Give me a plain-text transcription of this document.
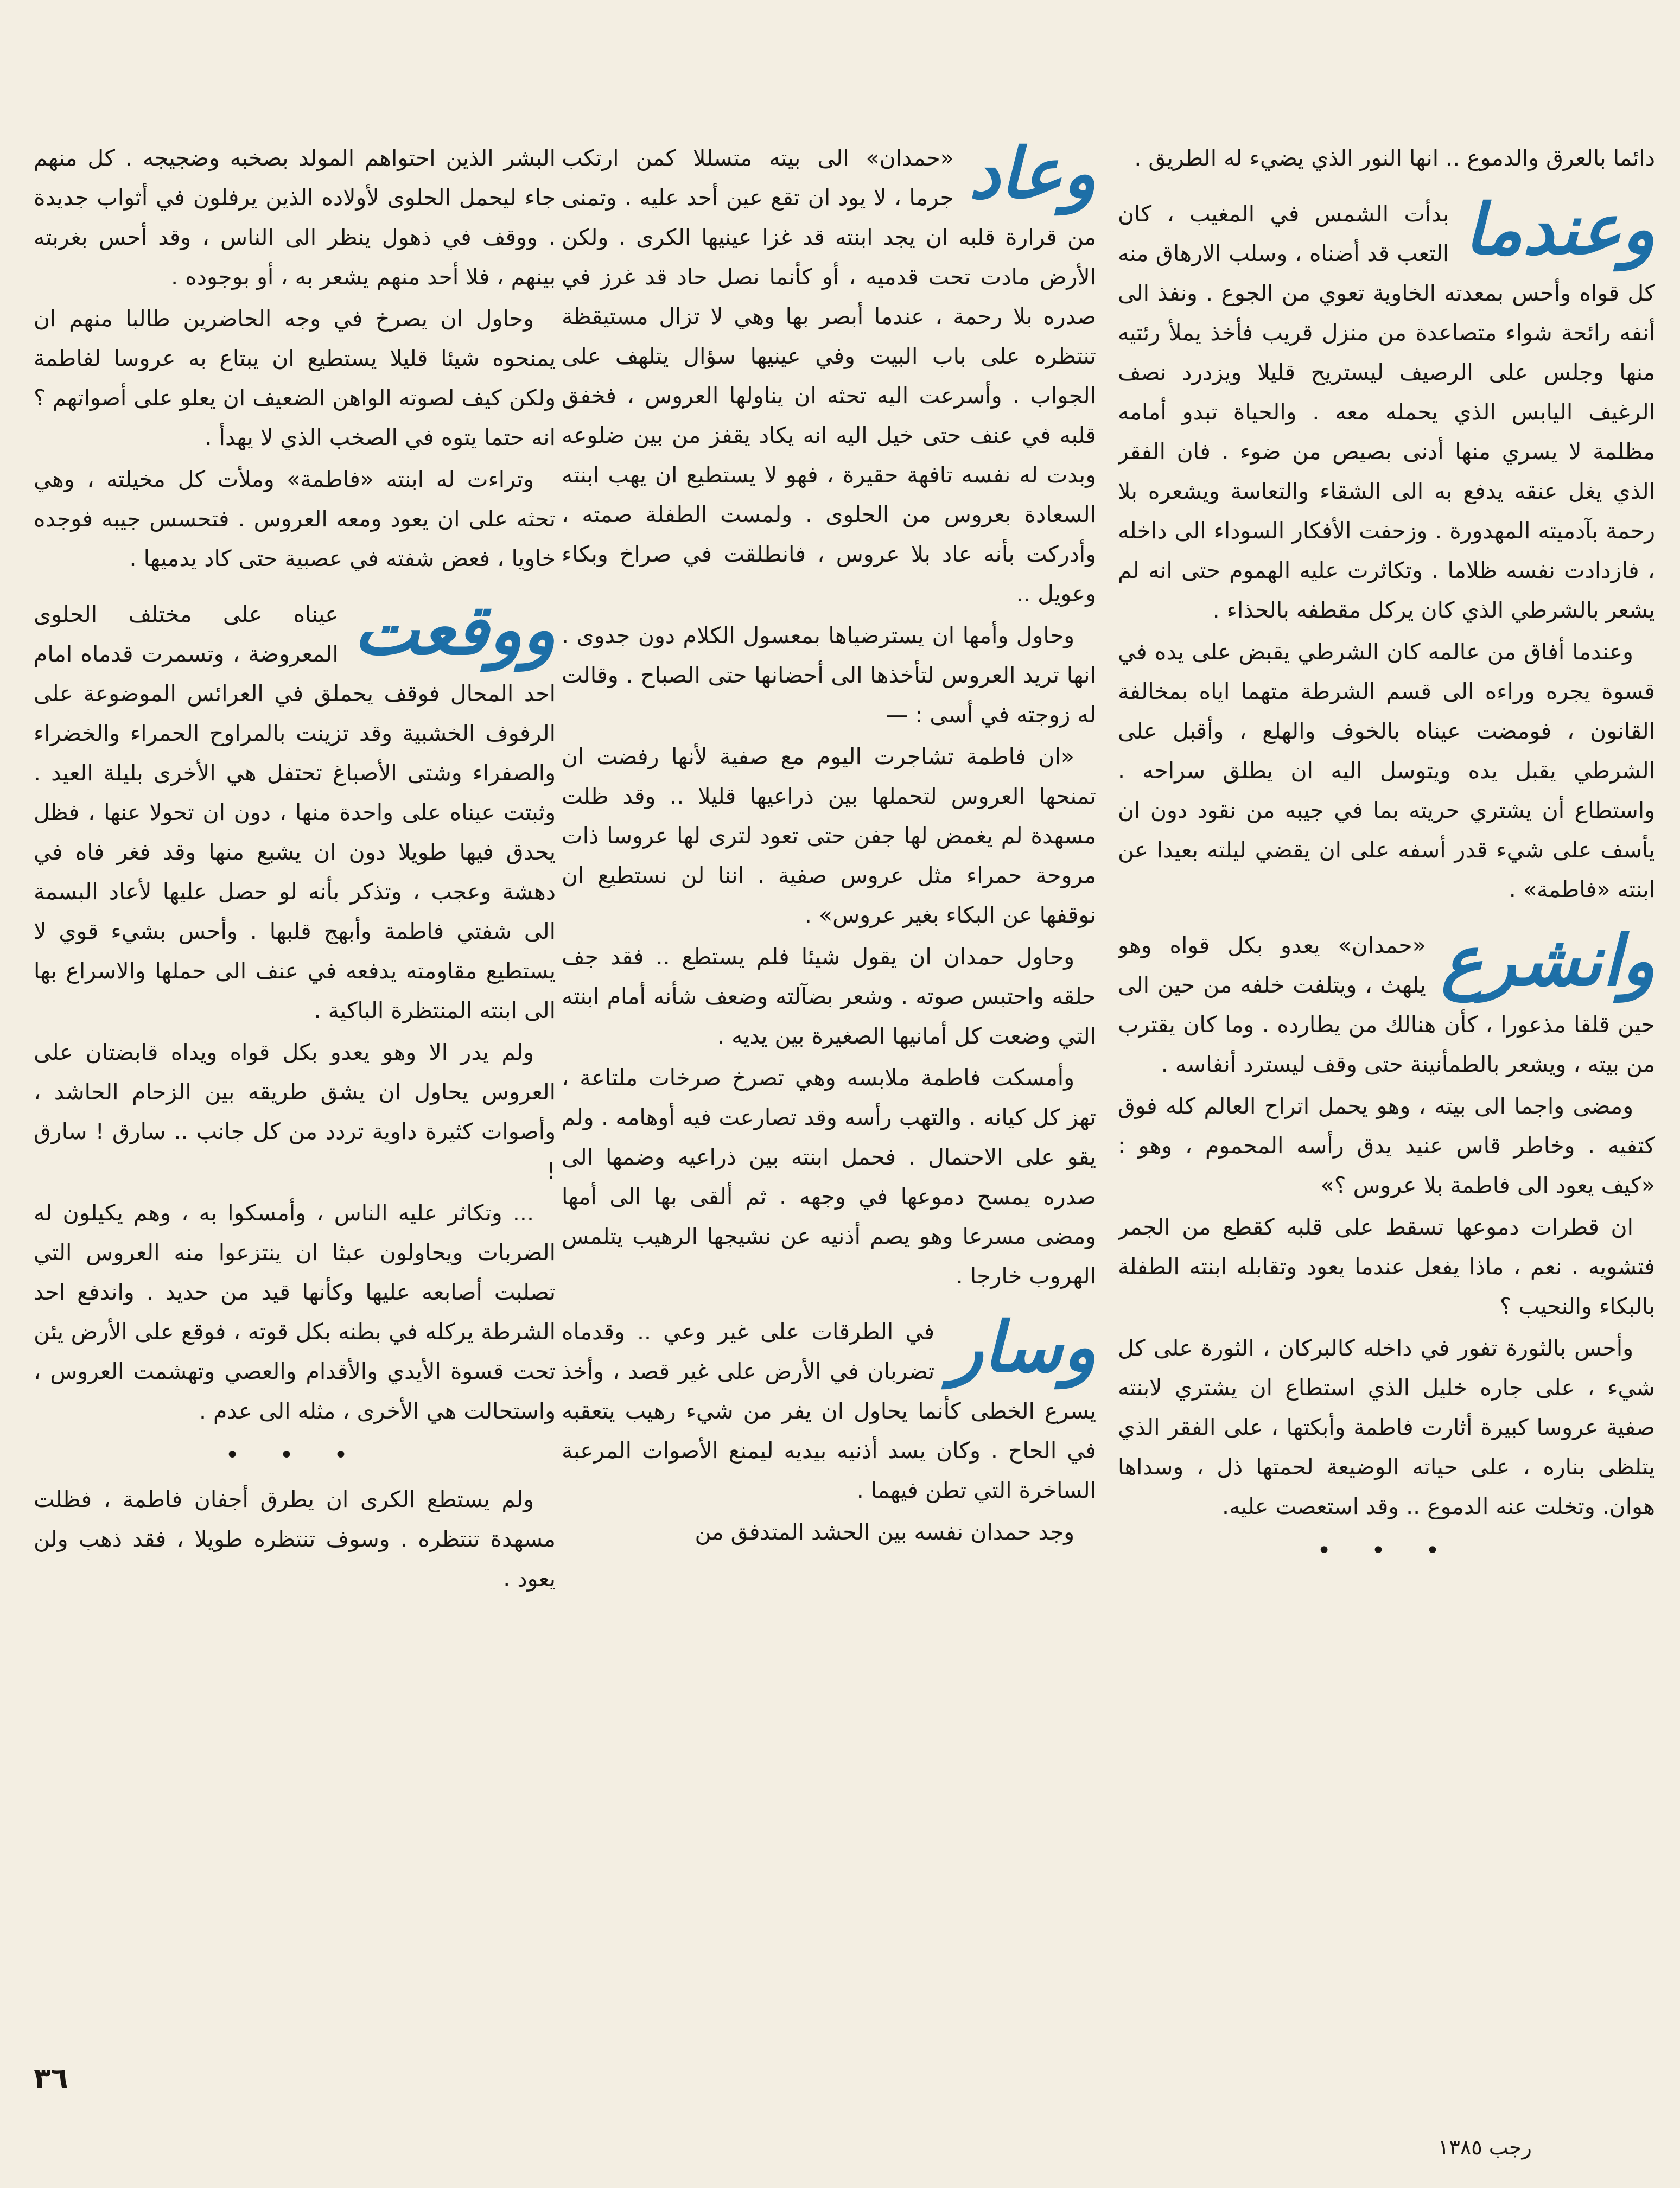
دائما بالعرق والدموع .. انها النور الذي يضيء له الطريق .

وعندما

بدأت الشمس في المغيب ، كان التعب قد أضناه ، وسلب الارهاق منه كل قواه وأحس بمعدته الخاوية تعوي من الجوع . ونفذ الى أنفه رائحة شواء متصاعدة من منزل قريب فأخذ يملأ رئتيه منها وجلس على الرصيف ليستريح قليلا ويزدرد نصف الرغيف اليابس الذي يحمله معه . والحياة تبدو أمامه مظلمة لا يسري منها أدنى بصيص من ضوء . فان الفقر الذي يغل عنقه يدفع به الى الشقاء والتعاسة ويشعره بلا رحمة بآدميته المهدورة . وزحفت الأفكار السوداء الى داخله ، فازدادت نفسه ظلاما . وتكاثرت عليه الهموم حتى انه لم يشعر بالشرطي الذي كان يركل مقطفه بالحذاء .

وعندما أفاق من عالمه كان الشرطي يقبض على يده في قسوة يجره وراءه الى قسم الشرطة متهما اياه بمخالفة القانون ، فومضت عيناه بالخوف والهلع ، وأقبل على الشرطي يقبل يده ويتوسل اليه ان يطلق سراحه . واستطاع أن يشتري حريته بما في جيبه من نقود دون ان يأسف على شيء قدر أسفه على ان يقضي ليلته بعيدا عن ابنته «فاطمة» .

وانشرع

«حمدان» يعدو بكل قواه وهو يلهث ، ويتلفت خلفه من حين الى حين قلقا مذعورا ، كأن هنالك من يطارده . وما كان يقترب من بيته ، ويشعر بالطمأنينة حتى وقف ليسترد أنفاسه .

ومضى واجما الى بيته ، وهو يحمل اتراح العالم كله فوق كتفيه . وخاطر قاس عنيد يدق رأسه المحموم ، وهو : «كيف يعود الى فاطمة بلا عروس ؟»

ان قطرات دموعها تسقط على قلبه كقطع من الجمر فتشويه . نعم ، ماذا يفعل عندما يعود وتقابله ابنته الطفلة بالبكاء والنحيب ؟

وأحس بالثورة تفور في داخله كالبركان ، الثورة على كل شيء ، على جاره خليل الذي استطاع ان يشتري لابنته صفية عروسا كبيرة أثارت فاطمة وأبكتها ، على الفقر الذي يتلظى بناره ، على حياته الوضيعة لحمتها ذل ، وسداها هوان. وتخلت عنه الدموع .. وقد استعصت عليه.

• • •
وعاد

«حمدان» الى بيته متسللا كمن ارتكب جرما ، لا يود ان تقع عين أحد عليه . وتمنى من قرارة قلبه ان يجد ابنته قد غزا عينيها الكرى . ولكن الأرض مادت تحت قدميه ، أو كأنما نصل حاد قد غرز في صدره بلا رحمة ، عندما أبصر بها وهي لا تزال مستيقظة تنتظره على باب البيت وفي عينيها سؤال يتلهف على الجواب . وأسرعت اليه تحثه ان يناولها العروس ، فخفق قلبه في عنف حتى خيل اليه انه يكاد يقفز من بين ضلوعه وبدت له نفسه تافهة حقيرة ، فهو لا يستطيع ان يهب ابنته السعادة بعروس من الحلوى . ولمست الطفلة صمته ، وأدركت بأنه عاد بلا عروس ، فانطلقت في صراخ وبكاء وعويل ..

وحاول وأمها ان يسترضياها بمعسول الكلام دون جدوى . انها تريد العروس لتأخذها الى أحضانها حتى الصباح . وقالت له زوجته في أسى : —

«ان فاطمة تشاجرت اليوم مع صفية لأنها رفضت ان تمنحها العروس لتحملها بين ذراعيها قليلا .. وقد ظلت مسهدة لم يغمض لها جفن حتى تعود لترى لها عروسا ذات مروحة حمراء مثل عروس صفية . اننا لن نستطيع ان نوقفها عن البكاء بغير عروس» .

وحاول حمدان ان يقول شيئا فلم يستطع .. فقد جف حلقه واحتبس صوته . وشعر بضآلته وضعف شأنه أمام ابنته التي وضعت كل أمانيها الصغيرة بين يديه .

وأمسكت فاطمة ملابسه وهي تصرخ صرخات ملتاعة ، تهز كل كيانه . والتهب رأسه وقد تصارعت فيه أوهامه . ولم يقو على الاحتمال . فحمل ابنته بين ذراعيه وضمها الى صدره يمسح دموعها في وجهه . ثم ألقى بها الى أمها ومضى مسرعا وهو يصم أذنيه عن نشيجها الرهيب يتلمس الهروب خارجا .

وسار

في الطرقات على غير وعي .. وقدماه تضربان في الأرض على غير قصد ، وأخذ يسرع الخطى كأنما يحاول ان يفر من شيء رهيب يتعقبه في الحاح . وكان يسد أذنيه بيديه ليمنع الأصوات المرعبة الساخرة التي تطن فيهما .

وجد حمدان نفسه بين الحشد المتدفق من

البشر الذين احتواهم المولد بصخبه وضجيجه . كل منهم جاء ليحمل الحلوى لأولاده الذين يرفلون في أثواب جديدة . ووقف في ذهول ينظر الى الناس ، وقد أحس بغربته بينهم ، فلا أحد منهم يشعر به ، أو بوجوده .

وحاول ان يصرخ في وجه الحاضرين طالبا منهم ان يمنحوه شيئا قليلا يستطيع ان يبتاع به عروسا لفاطمة ولكن كيف لصوته الواهن الضعيف ان يعلو على أصواتهم ؟ انه حتما يتوه في الصخب الذي لا يهدأ .

وتراءت له ابنته «فاطمة» وملأت كل مخيلته ، وهي تحثه على ان يعود ومعه العروس . فتحسس جيبه فوجده خاويا ، فعض شفته في عصبية حتى كاد يدميها .

ووقعت

عيناه على مختلف الحلوى المعروضة ، وتسمرت قدماه امام احد المحال فوقف يحملق في العرائس الموضوعة على الرفوف الخشبية وقد تزينت بالمراوح الحمراء والخضراء والصفراء وشتى الأصباغ تحتفل هي الأخرى بليلة العيد . وثبتت عيناه على واحدة منها ، دون ان تحولا عنها ، فظل يحدق فيها طويلا دون ان يشبع منها وقد فغر فاه في دهشة وعجب ، وتذكر بأنه لو حصل عليها لأعاد البسمة الى شفتي فاطمة وأبهج قلبها . وأحس بشيء قوي لا يستطيع مقاومته يدفعه في عنف الى حملها والاسراع بها الى ابنته المنتظرة الباكية .

ولم يدر الا وهو يعدو بكل قواه ويداه قابضتان على العروس يحاول ان يشق طريقه بين الزحام الحاشد ، وأصوات كثيرة داوية تردد من كل جانب .. سارق ! سارق !

... وتكاثر عليه الناس ، وأمسكوا به ، وهم يكيلون له الضربات ويحاولون عبثا ان ينتزعوا منه العروس التي تصلبت أصابعه عليها وكأنها قيد من حديد . واندفع احد الشرطة يركله في بطنه بكل قوته ، فوقع على الأرض يئن تحت قسوة الأيدي والأقدام والعصي وتهشمت العروس ، واستحالت هي الأخرى ، مثله الى عدم .

• • •

ولم يستطع الكرى ان يطرق أجفان فاطمة ، فظلت مسهدة تنتظره . وسوف تنتظره طويلا ، فقد ذهب ولن يعود .

٣٦
رجب ١٣٨٥
